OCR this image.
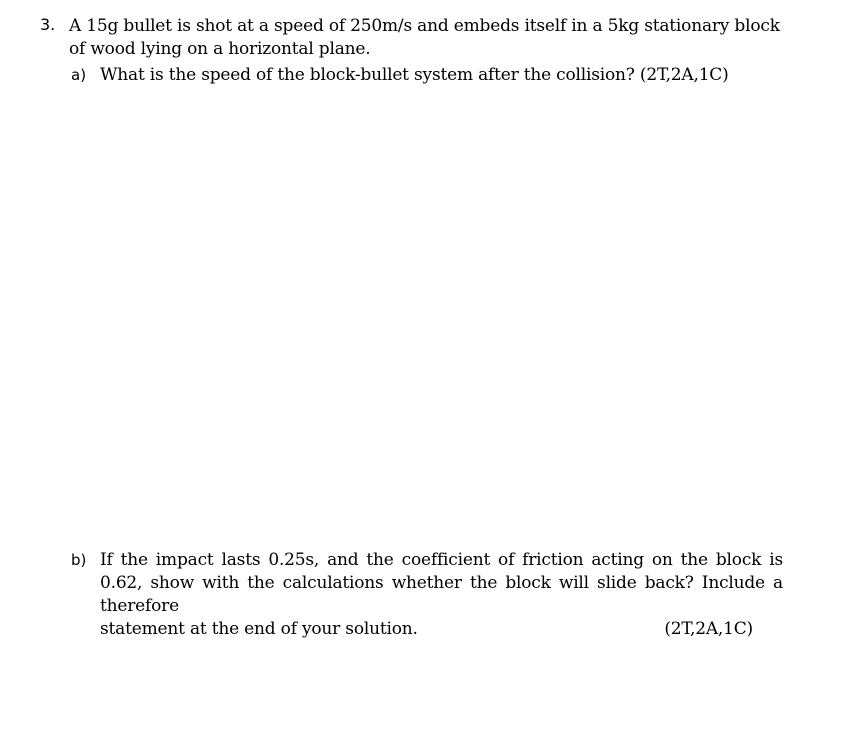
3. A 15g bullet is shot at a speed of 250m/s and embeds itself in a 5kg stationary block of wood lying on a horizontal plane.
a) What is the speed of the block-bullet system after the collision? (2T,2A,1C)
b) If the impact lasts 0.25s, and the coefficient of friction acting on the block is 0.62, show with the calculations whether the block will slide back? Include a therefore
statement at the end of your solution.	(2T,2A,1C)
